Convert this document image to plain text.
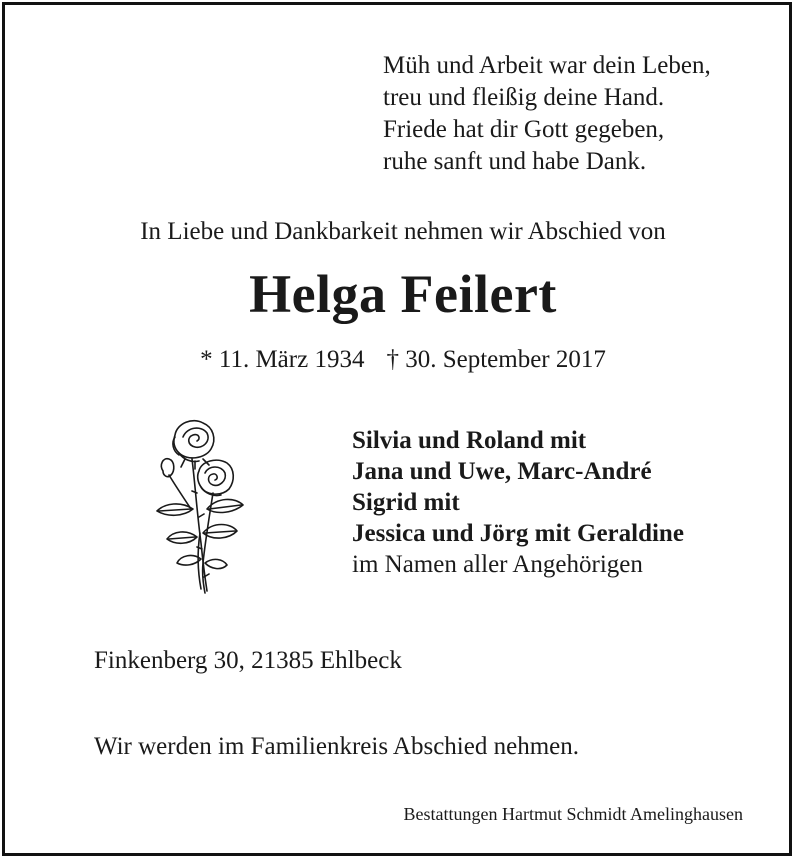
Müh und Arbeit war dein Leben,
treu und fleißig deine Hand.
Friede hat dir Gott gegeben,
ruhe sanft und habe Dank.
In Liebe und Dankbarkeit nehmen wir Abschied von
Helga Feilert
* 11. März 1934 † 30. September 2017
Silvia und Roland mit
Jana und Uwe, Marc-André
Sigrid mit
Jessica und Jörg mit Geraldine
im Namen aller Angehörigen
Finkenberg 30, 21385 Ehlbeck
Wir werden im Familienkreis Abschied nehmen.
Bestattungen Hartmut Schmidt Amelinghausen
